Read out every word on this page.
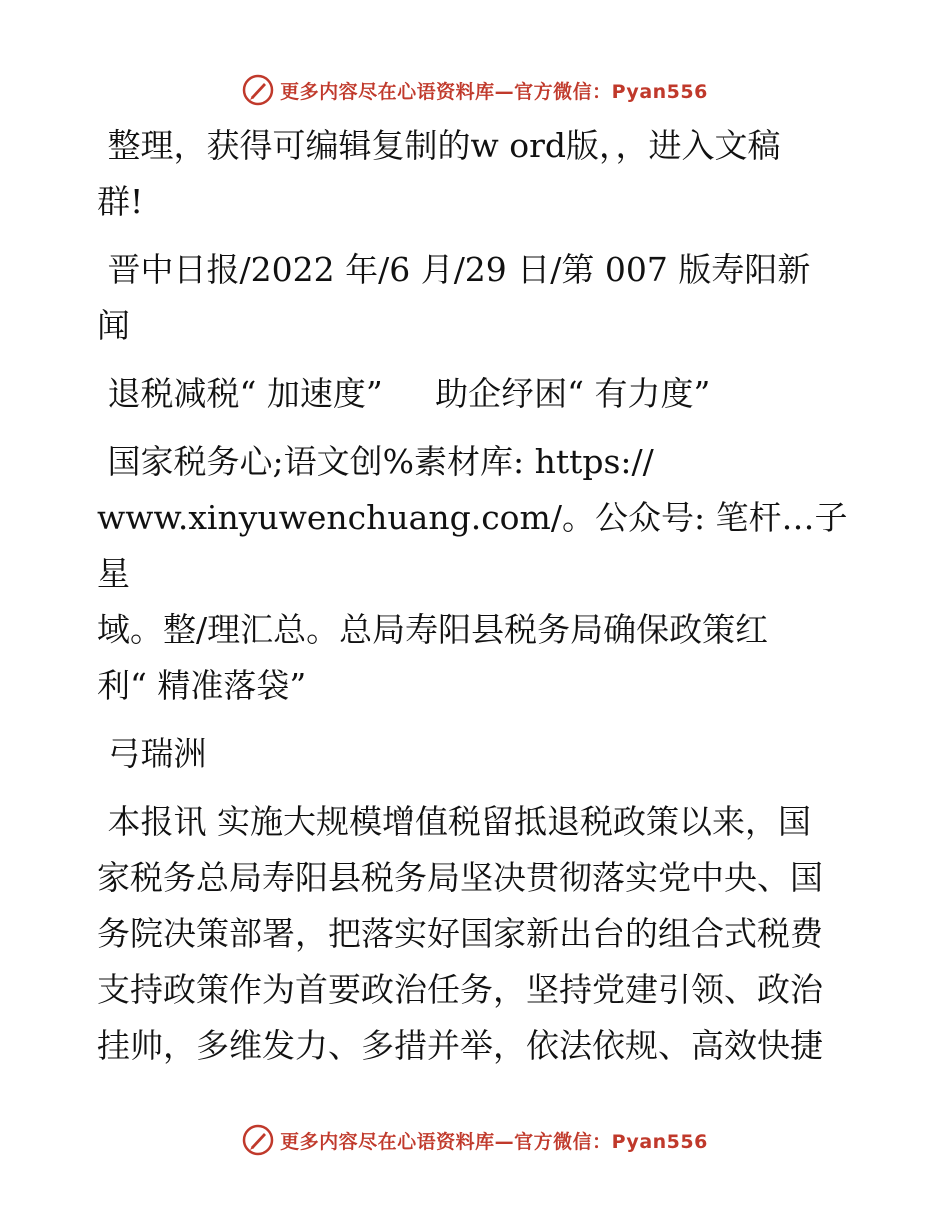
更多内容尽在心语资料库—官方微信：Pyan556

整理，获得可编辑复制的w ord版，，进入文稿

群!

晋中日报/2022 年/6 月/29 日/第 007 版寿阳新

闻

退税减税“ 加速度”     助企纾困“ 有力度”

国家税务心;语文创%素材库: https://

www.xinyuwenchuang.com/。公众号: 笔杆…子星

域。整/理汇总。总局寿阳县税务局确保政策红

利“ 精准落袋”

弓瑞洲

本报讯 实施大规模增值税留抵退税政策以来，国

家税务总局寿阳县税务局坚决贯彻落实党中央、国

务院决策部署，把落实好国家新出台的组合式税费

支持政策作为首要政治任务，坚持党建引领、政治

挂帅，多维发力、多措并举，依法依规、高效快捷

更多内容尽在心语资料库—官方微信：Pyan556
